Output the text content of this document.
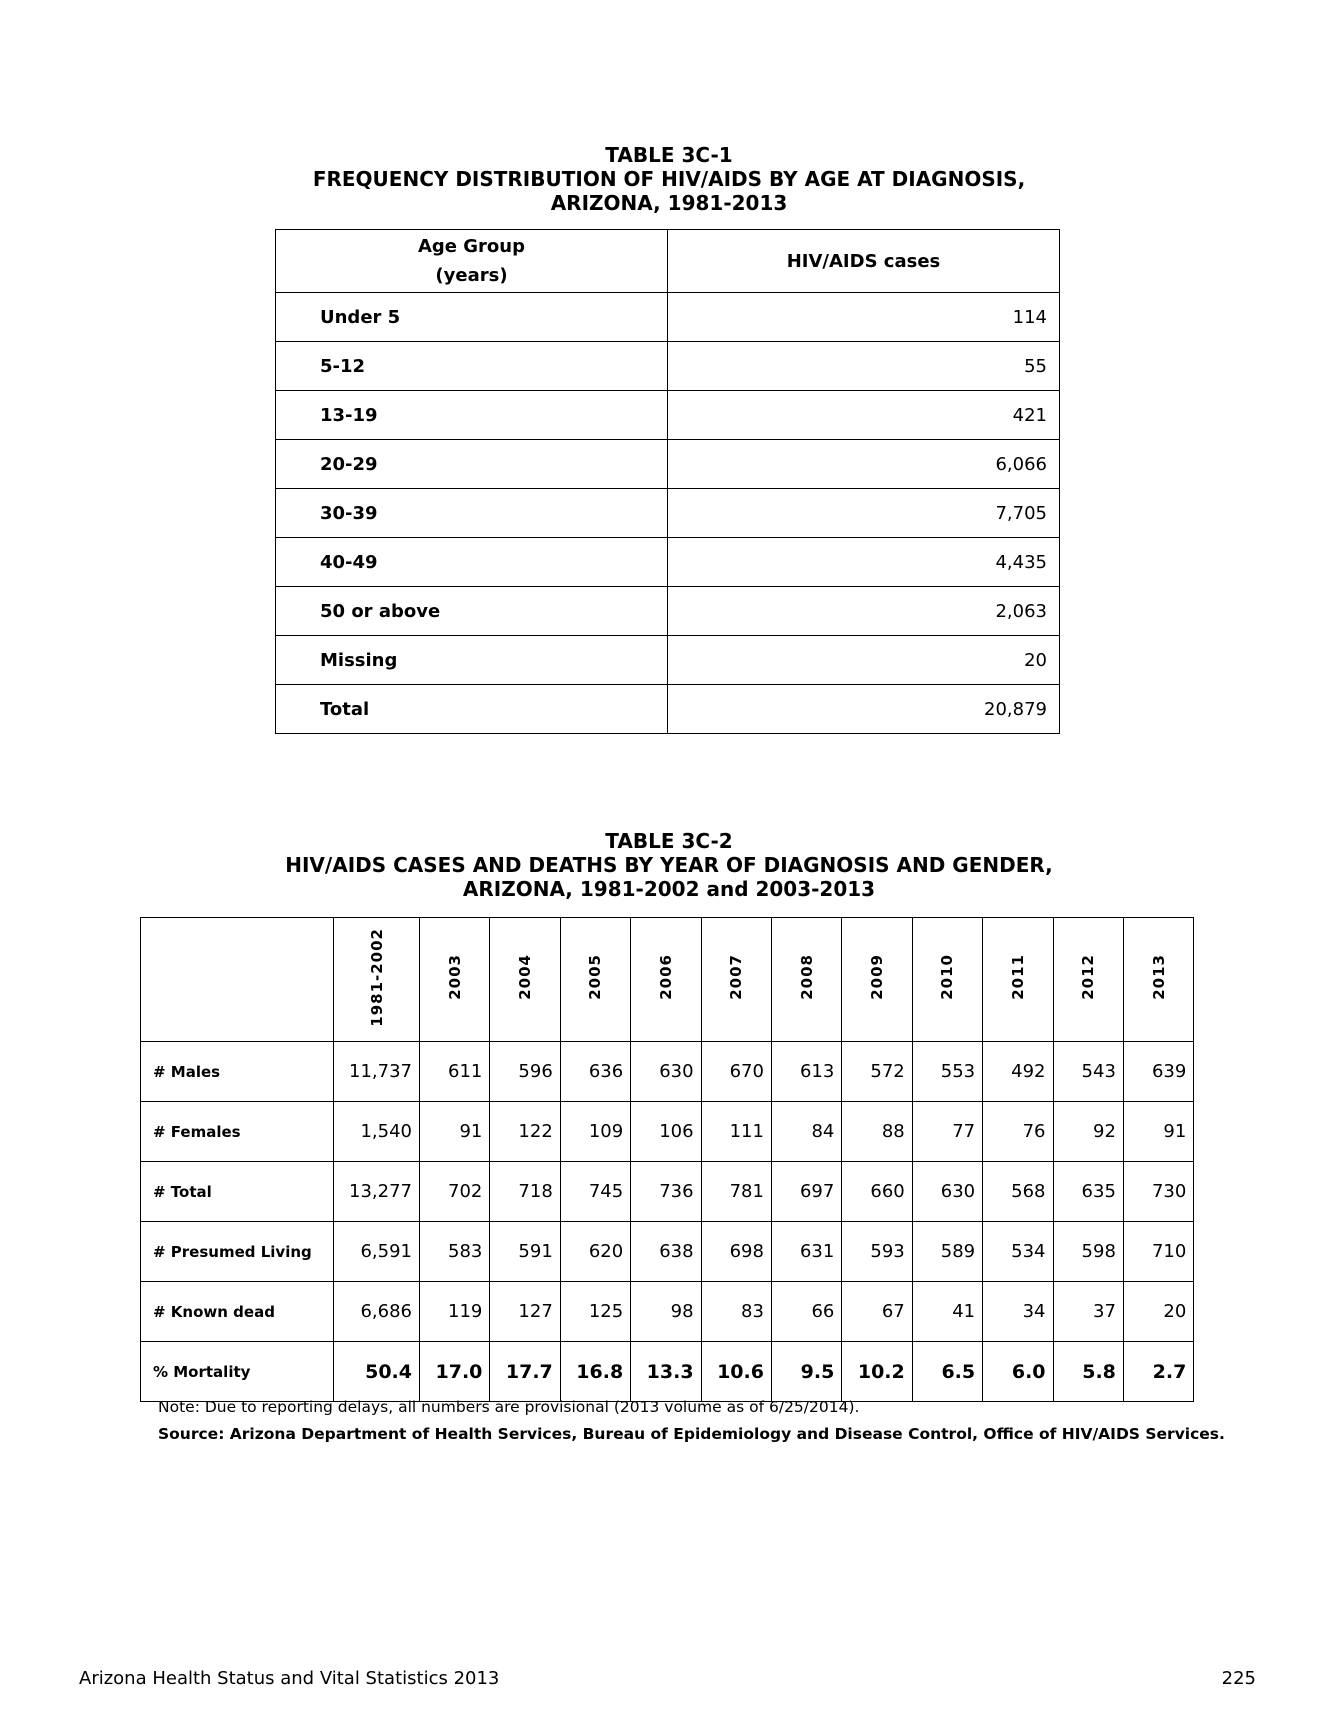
TABLE 3C-1
FREQUENCY DISTRIBUTION OF HIV/AIDS BY AGE AT DIAGNOSIS,
ARIZONA, 1981-2013
Age Group
(years)	HIV/AIDS cases
Under 5	114
5-12	55
13-19	421
20-29	6,066
30-39	7,705
40-49	4,435
50 or above	2,063
Missing	20
Total	20,879
TABLE 3C-2
HIV/AIDS CASES AND DEATHS BY YEAR OF DIAGNOSIS AND GENDER,
ARIZONA, 1981-2002 and 2003-2013
	1981-2002	2003	2004	2005	2006	2007	2008	2009	2010	2011	2012	2013
# Males	11,737	611	596	636	630	670	613	572	553	492	543	639
# Females	1,540	91	122	109	106	111	84	88	77	76	92	91
# Total	13,277	702	718	745	736	781	697	660	630	568	635	730
# Presumed Living	6,591	583	591	620	638	698	631	593	589	534	598	710
# Known dead	6,686	119	127	125	98	83	66	67	41	34	37	20
% Mortality	50.4	17.0	17.7	16.8	13.3	10.6	9.5	10.2	6.5	6.0	5.8	2.7
Note: Due to reporting delays, all numbers are provisional (2013 volume as of 6/25/2014).
Source: Arizona Department of Health Services, Bureau of Epidemiology and Disease Control, Office of HIV/AIDS Services.
Arizona Health Status and Vital Statistics 2013	225
